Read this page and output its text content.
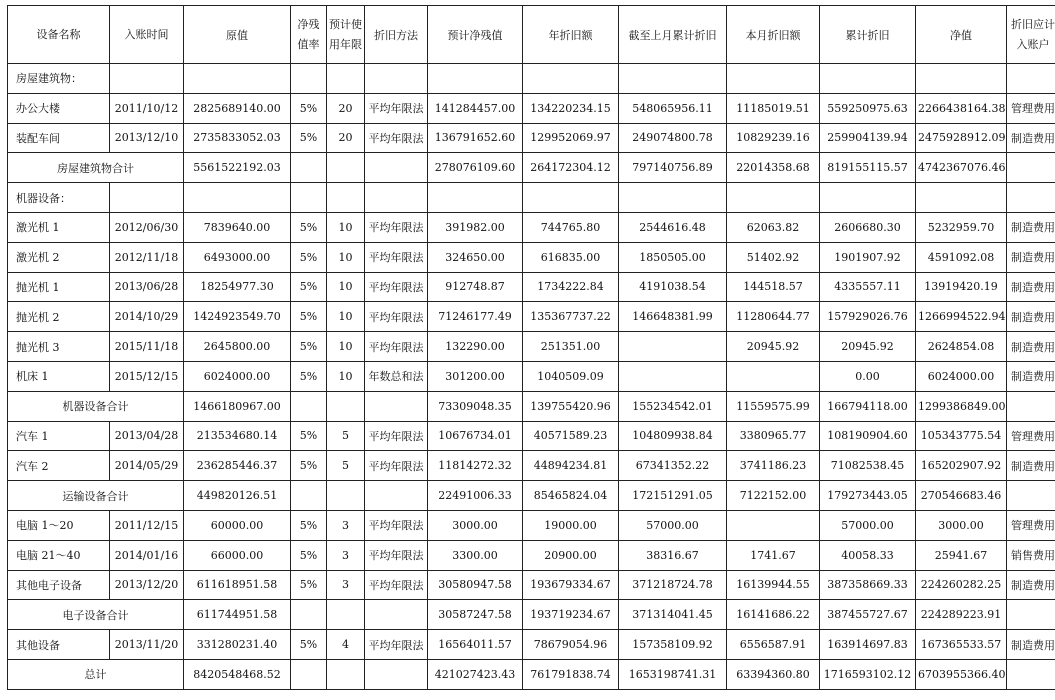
设备名称	入账时间	原值	净残值率	预计使用年限	折旧方法	预计净残值	年折旧额	截至上月累计折旧	本月折旧额	累计折旧	净值	折旧应计入账户
房屋建筑物：												
办公大楼	2011/10/12	2825689140.00	5%	20	平均年限法	141284457.00	134220234.15	548065956.11	11185019.51	559250975.63	2266438164.38	管理费用
装配车间	2013/12/10	2735833052.03	5%	20	平均年限法	136791652.60	129952069.97	249074800.78	10829239.16	259904139.94	2475928912.09	制造费用
房屋建筑物合计		5561522192.03				278076109.60	264172304.12	797140756.89	22014358.68	819155115.57	4742367076.46	
机器设备：												
激光机 1	2012/06/30	7839640.00	5%	10	平均年限法	391982.00	744765.80	2544616.48	62063.82	2606680.30	5232959.70	制造费用
激光机 2	2012/11/18	6493000.00	5%	10	平均年限法	324650.00	616835.00	1850505.00	51402.92	1901907.92	4591092.08	制造费用
抛光机 1	2013/06/28	18254977.30	5%	10	平均年限法	912748.87	1734222.84	4191038.54	144518.57	4335557.11	13919420.19	制造费用
抛光机 2	2014/10/29	1424923549.70	5%	10	平均年限法	71246177.49	135367737.22	146648381.99	11280644.77	157929026.76	1266994522.94	制造费用
抛光机 3	2015/11/18	2645800.00	5%	10	平均年限法	132290.00	251351.00		20945.92	20945.92	2624854.08	制造费用
机床 1	2015/12/15	6024000.00	5%	10	年数总和法	301200.00	1040509.09			0.00	6024000.00	制造费用
机器设备合计		1466180967.00				73309048.35	139755420.96	155234542.01	11559575.99	166794118.00	1299386849.00	
汽车 1	2013/04/28	213534680.14	5%	5	平均年限法	10676734.01	40571589.23	104809938.84	3380965.77	108190904.60	105343775.54	管理费用
汽车 2	2014/05/29	236285446.37	5%	5	平均年限法	11814272.32	44894234.81	67341352.22	3741186.23	71082538.45	165202907.92	制造费用
运输设备合计		449820126.51				22491006.33	85465824.04	172151291.05	7122152.00	179273443.05	270546683.46	
电脑 1～20	2011/12/15	60000.00	5%	3	平均年限法	3000.00	19000.00	57000.00		57000.00	3000.00	管理费用
电脑 21～40	2014/01/16	66000.00	5%	3	平均年限法	3300.00	20900.00	38316.67	1741.67	40058.33	25941.67	销售费用
其他电子设备	2013/12/20	611618951.58	5%	3	平均年限法	30580947.58	193679334.67	371218724.78	16139944.55	387358669.33	224260282.25	制造费用
电子设备合计		611744951.58				30587247.58	193719234.67	371314041.45	16141686.22	387455727.67	224289223.91	
其他设备	2013/11/20	331280231.40	5%	4	平均年限法	16564011.57	78679054.96	157358109.92	6556587.91	163914697.83	167365533.57	制造费用
总计		8420548468.52				421027423.43	761791838.74	1653198741.31	63394360.80	1716593102.12	6703955366.40	
